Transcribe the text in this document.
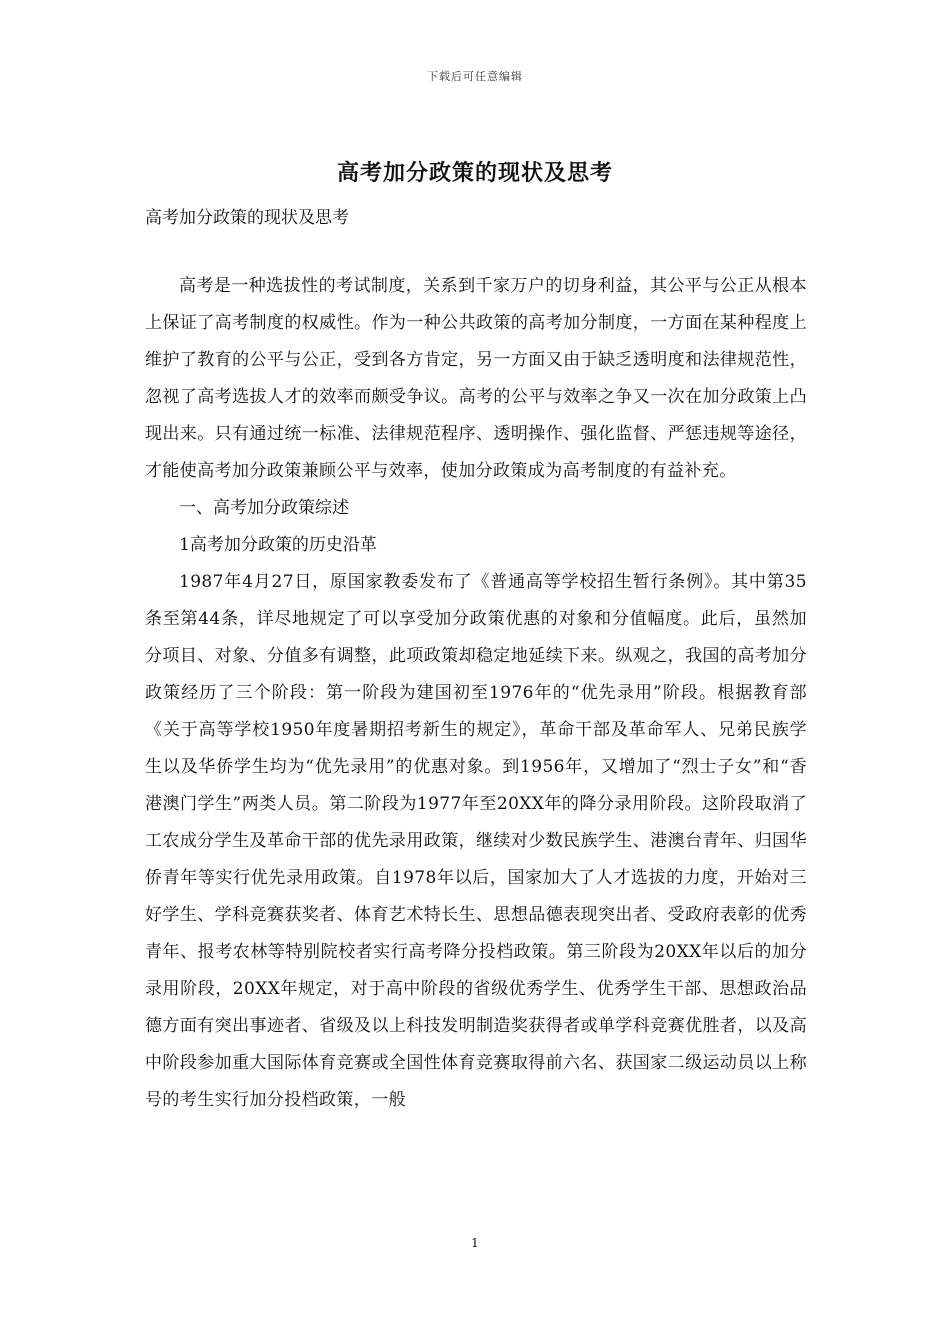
下载后可任意编辑
高考加分政策的现状及思考
高考加分政策的现状及思考

高考是一种选拔性的考试制度，关系到千家万户的切身利益，其公平与公正从根本上保证了高考制度的权威性。作为一种公共政策的高考加分制度，一方面在某种程度上维护了教育的公平与公正，受到各方肯定，另一方面又由于缺乏透明度和法律规范性，忽视了高考选拔人才的效率而颇受争议。高考的公平与效率之争又一次在加分政策上凸现出来。只有通过统一标准、法律规范程序、透明操作、强化监督、严惩违规等途径，才能使高考加分政策兼顾公平与效率，使加分政策成为高考制度的有益补充。

一、高考加分政策综述

1高考加分政策的历史沿革

1987年4月27日，原国家教委发布了《普通高等学校招生暂行条例》。其中第35条至第44条，详尽地规定了可以享受加分政策优惠的对象和分值幅度。此后，虽然加分项目、对象、分值多有调整，此项政策却稳定地延续下来。纵观之，我国的高考加分政策经历了三个阶段：第一阶段为建国初至1976年的“优先录用”阶段。根据教育部《关于高等学校1950年度暑期招考新生的规定》，革命干部及革命军人、兄弟民族学生以及华侨学生均为“优先录用”的优惠对象。到1956年，又增加了“烈士子女”和“香港澳门学生”两类人员。第二阶段为1977年至20XX年的降分录用阶段。这阶段取消了工农成分学生及革命干部的优先录用政策，继续对少数民族学生、港澳台青年、归国华侨青年等实行优先录用政策。自1978年以后，国家加大了人才选拔的力度，开始对三好学生、学科竞赛获奖者、体育艺术特长生、思想品德表现突出者、受政府表彰的优秀青年、报考农林等特别院校者实行高考降分投档政策。第三阶段为20XX年以后的加分录用阶段，20XX年规定，对于高中阶段的省级优秀学生、优秀学生干部、思想政治品德方面有突出事迹者、省级及以上科技发明制造奖获得者或单学科竞赛优胜者，以及高中阶段参加重大国际体育竞赛或全国性体育竞赛取得前六名、获国家二级运动员以上称号的考生实行加分投档政策，一般

1
